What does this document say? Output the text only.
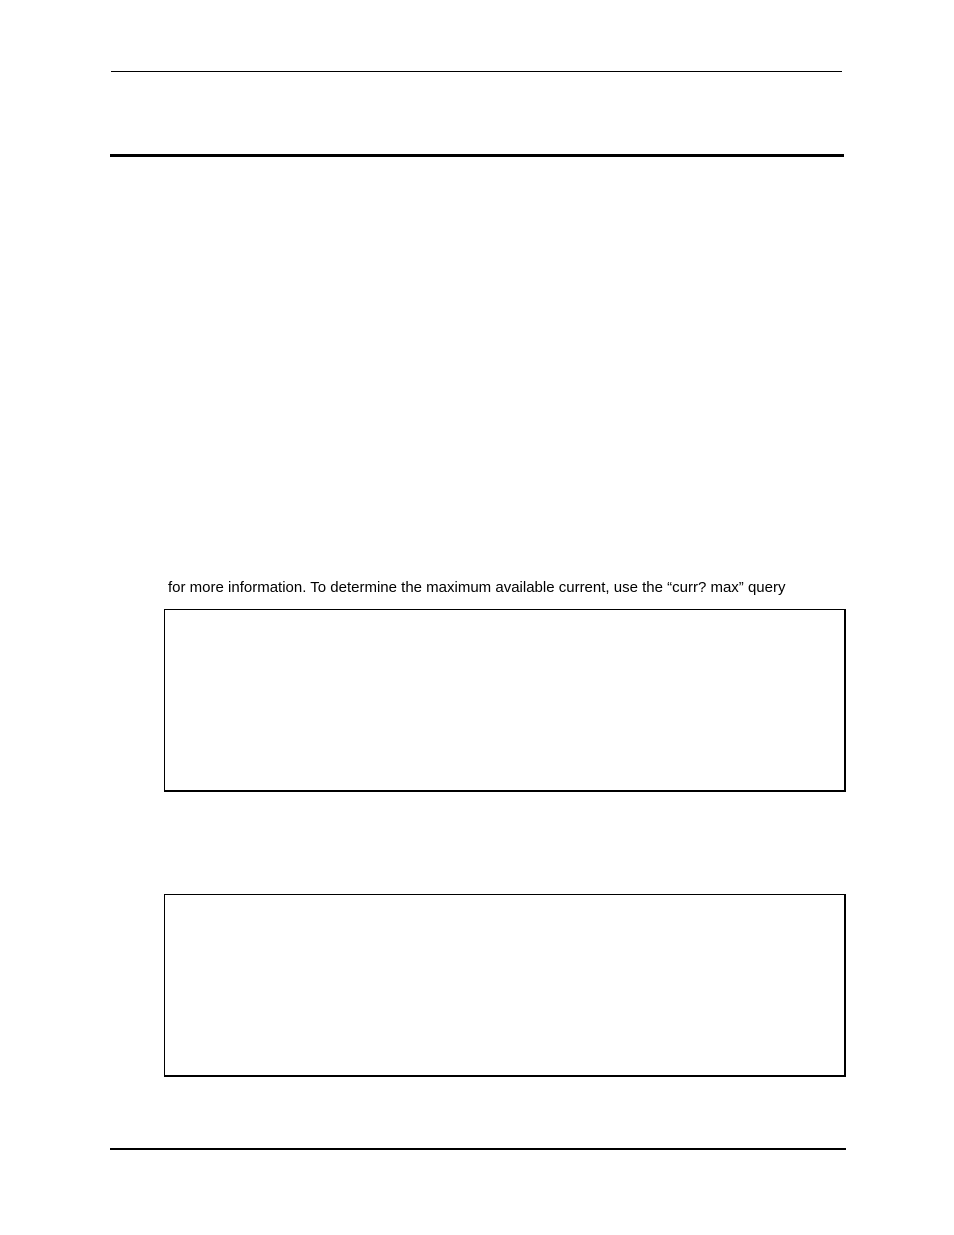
for more information. To determine the maximum available current, use the “curr? max” query
